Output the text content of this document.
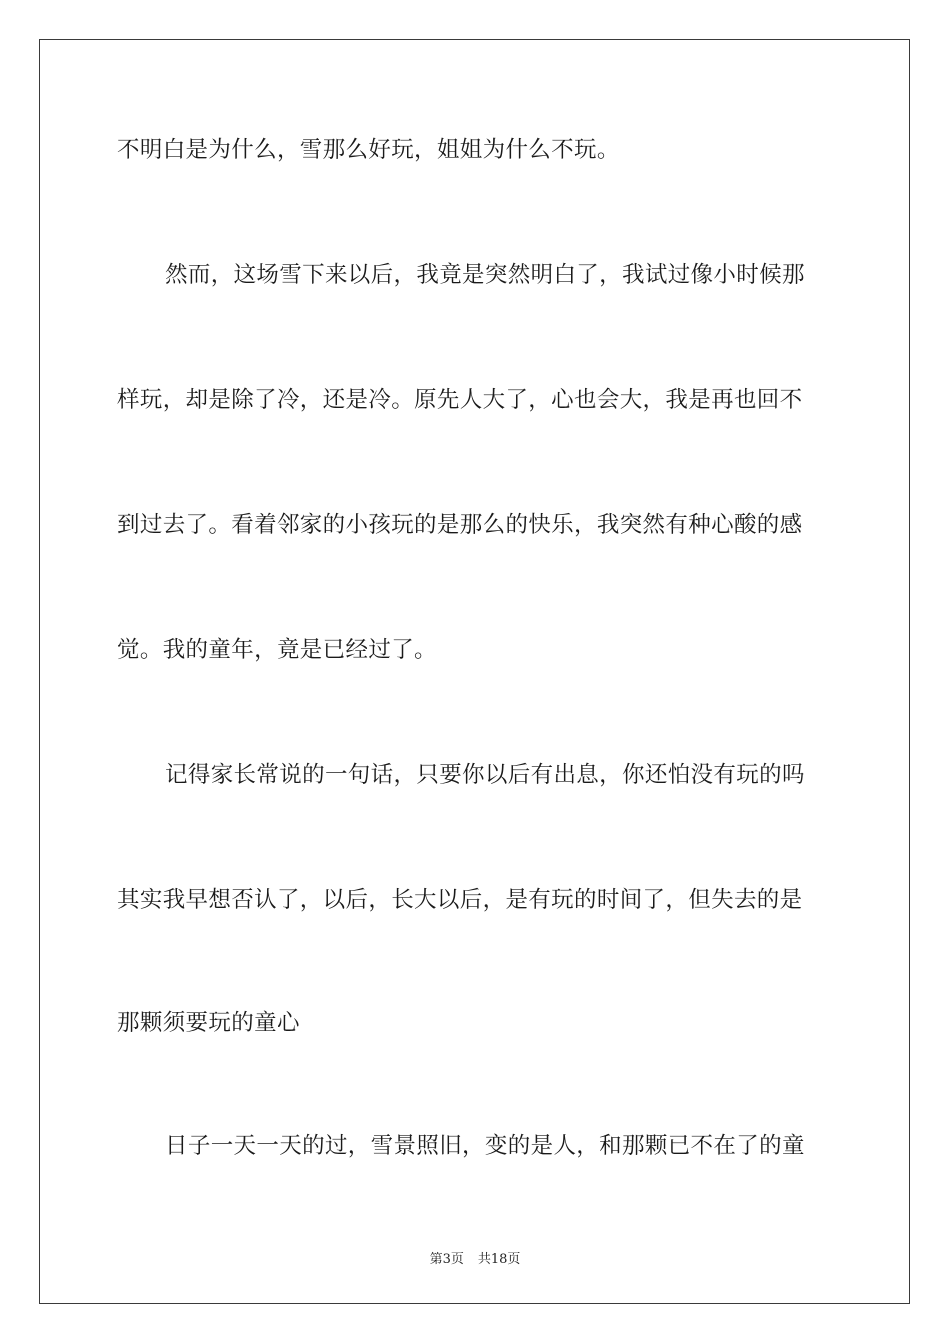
不明白是为什么，雪那么好玩，姐姐为什么不玩。
然而，这场雪下来以后，我竟是突然明白了，我试过像小时候那
样玩，却是除了冷，还是冷。原先人大了，心也会大，我是再也回不
到过去了。看着邻家的小孩玩的是那么的快乐，我突然有种心酸的感
觉。我的童年，竟是已经过了。
记得家长常说的一句话，只要你以后有出息，你还怕没有玩的吗
其实我早想否认了，以后，长大以后，是有玩的时间了，但失去的是
那颗须要玩的童心
日子一天一天的过，雪景照旧，变的是人，和那颗已不在了的童
第3页 共18页
